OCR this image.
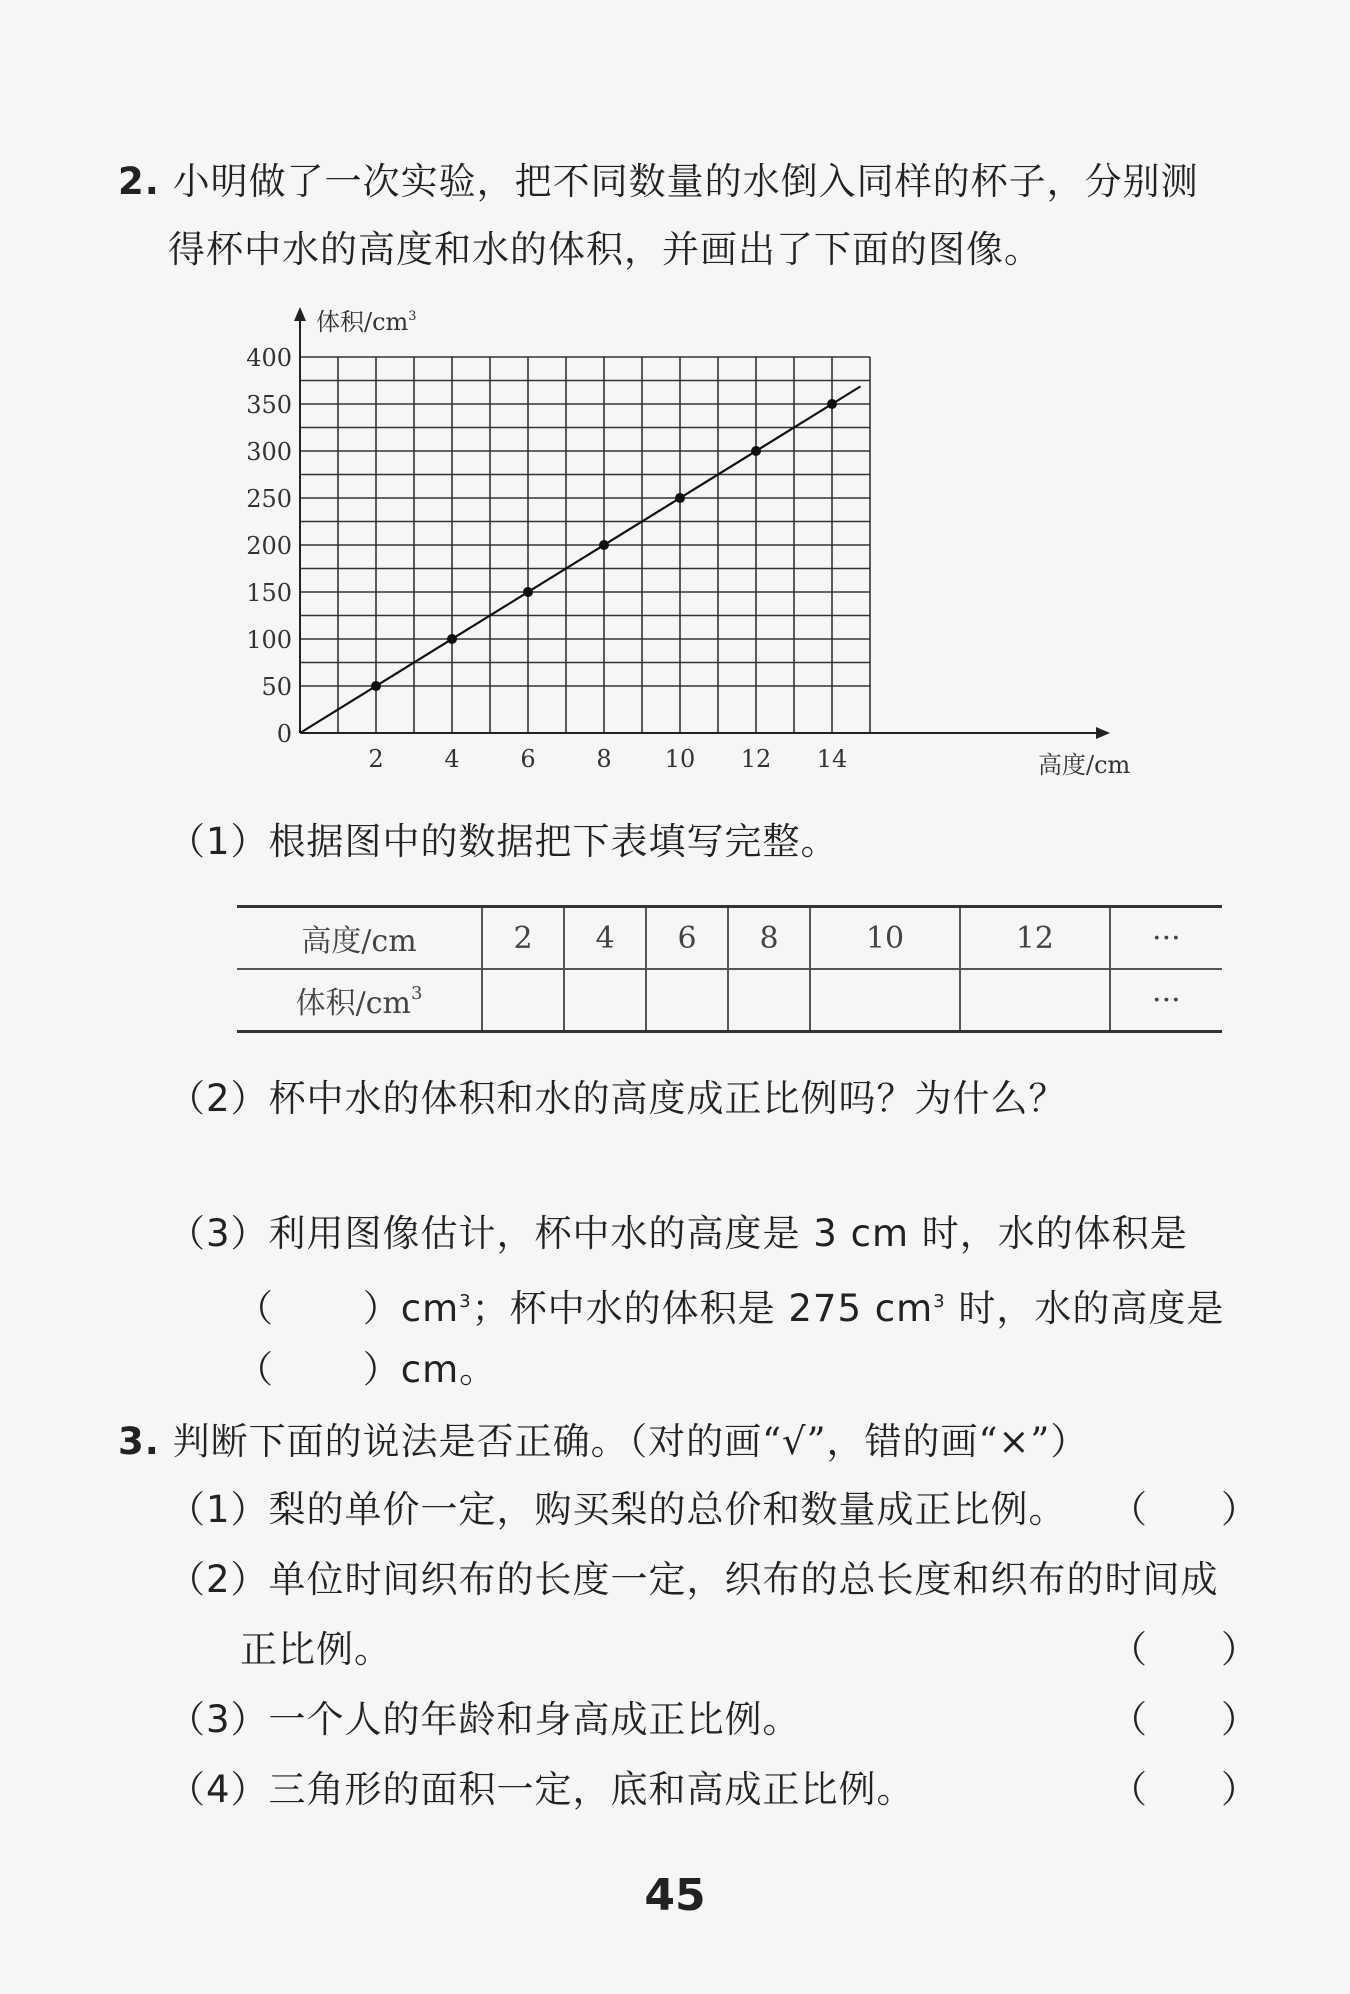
2. 小明做了一次实验，把不同数量的水倒入同样的杯子，分别测
得杯中水的高度和水的体积，并画出了下面的图像。
0
50
100
150
200
250
300
350
400
2	4	6	8 10 12 14
体积$/cm^3$
高度/cm
（1）根据图中的数据把下表填写完整。
高度/cm	2	4	6	8	10	12	···
体积$/cm^3$							···
（2）杯中水的体积和水的高度成正比例吗？为什么？
（3）利用图像估计，杯中水的高度是 3 cm 时，水的体积是
（　　 ）$cm^3$；杯中水的体积是 275 $cm^3$ 时，水的高度是
（　　 ）cm。
3. 判断下面的说法是否正确。（对的画“√”，错的画“×”）
（1）梨的单价一定，购买梨的总价和数量成正比例。 （　　）
（2）单位时间织布的长度一定，织布的总长度和织布的时间成
正比例。	（　　）
（3）一个人的年龄和身高成正比例。	（　　）
（4）三角形的面积一定，底和高成正比例。	（　　）
45
